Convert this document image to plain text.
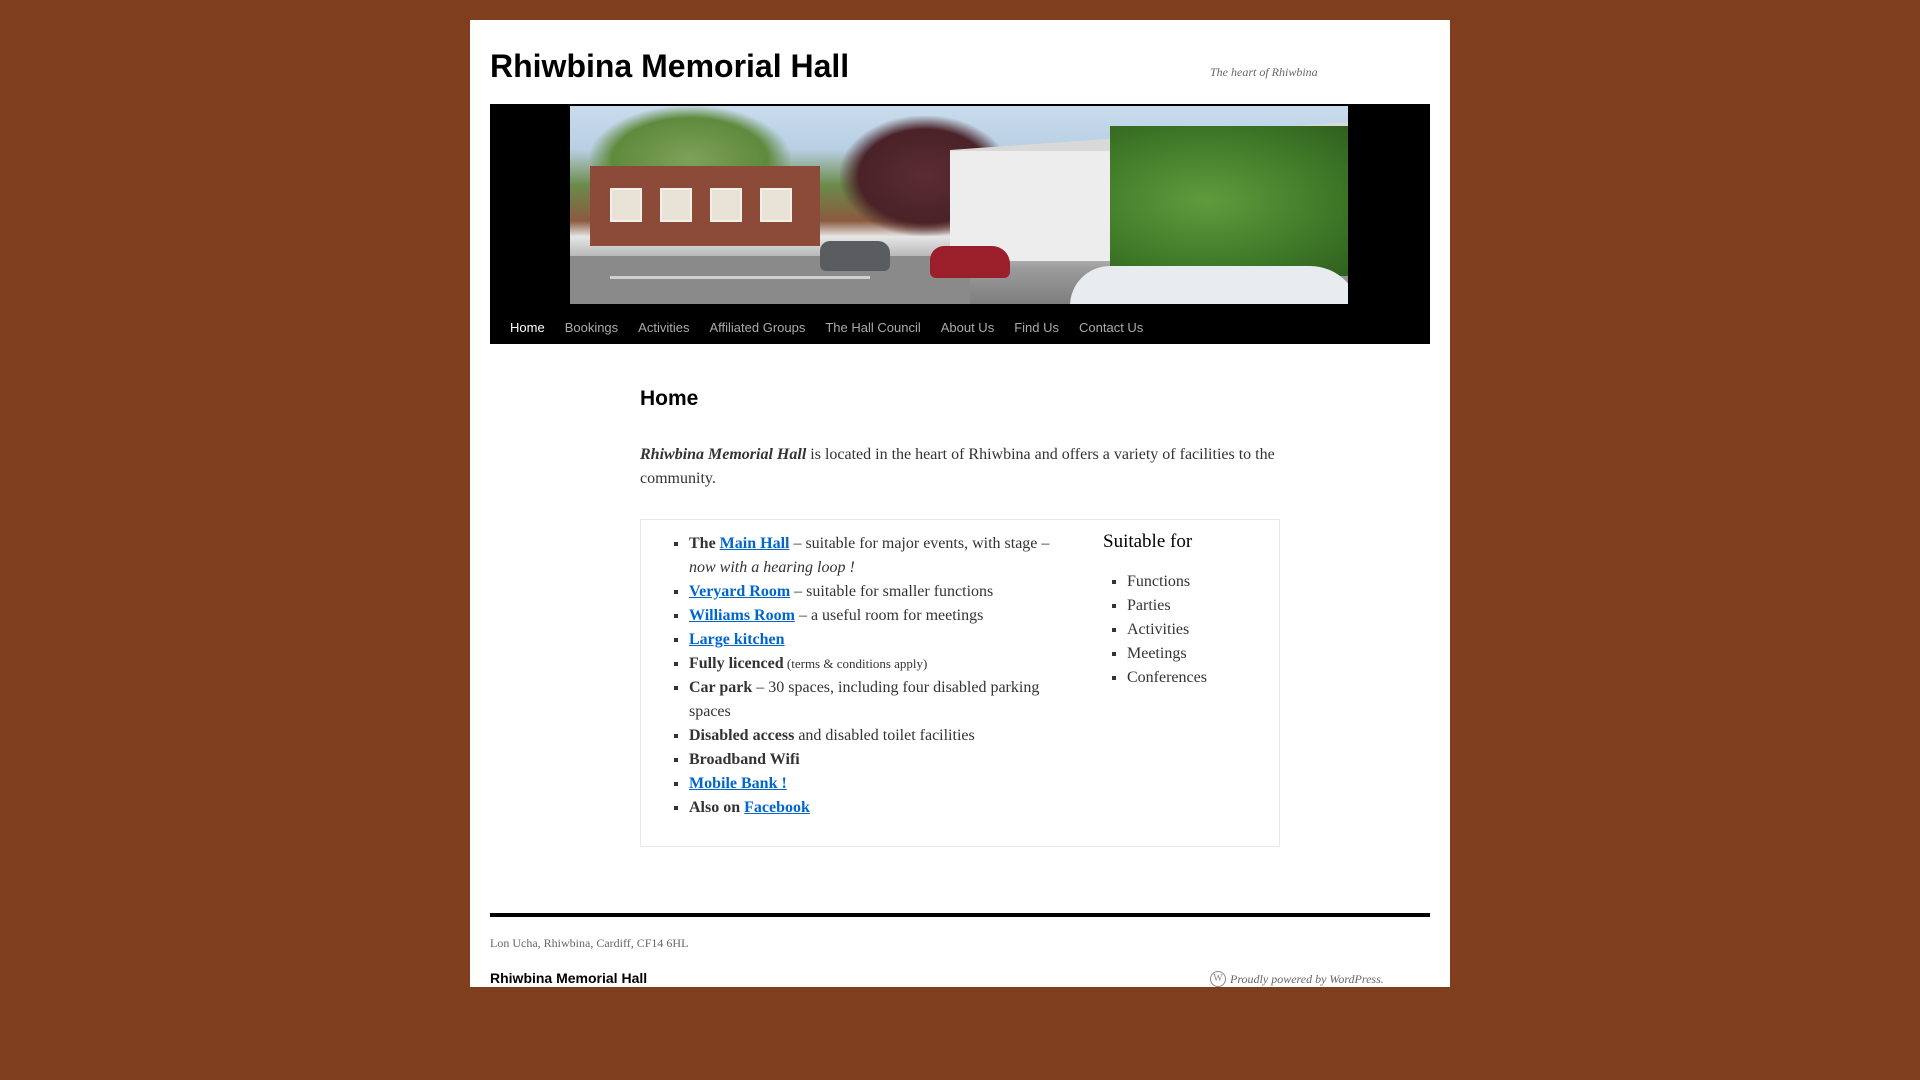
Rhiwbina Memorial Hall	The heart of Rhiwbina
Home	Bookings	Activities	Affiliated Groups	The Hall Council	About Us	Find Us	Contact Us
Home

Rhiwbina Memorial Hall is located in the heart of Rhiwbina and offers a variety of facilities to the community.

▪ The Main Hall – suitable for major events, with stage – now with a hearing loop !
▪ Veryard Room – suitable for smaller functions
▪ Williams Room – a useful room for meetings
▪ Large kitchen
▪ Fully licenced (terms & conditions apply)
▪ Car park – 30 spaces, including four disabled parking spaces
▪ Disabled access and disabled toilet facilities
▪ Broadband Wifi
▪ Mobile Bank !
▪ Also on Facebook
Suitable for
▪ Functions
▪ Parties
▪ Activities
▪ Meetings
▪ Conferences
Lon Ucha, Rhiwbina, Cardiff, CF14 6HL
Rhiwbina Memorial Hall	W Proudly powered by WordPress.
